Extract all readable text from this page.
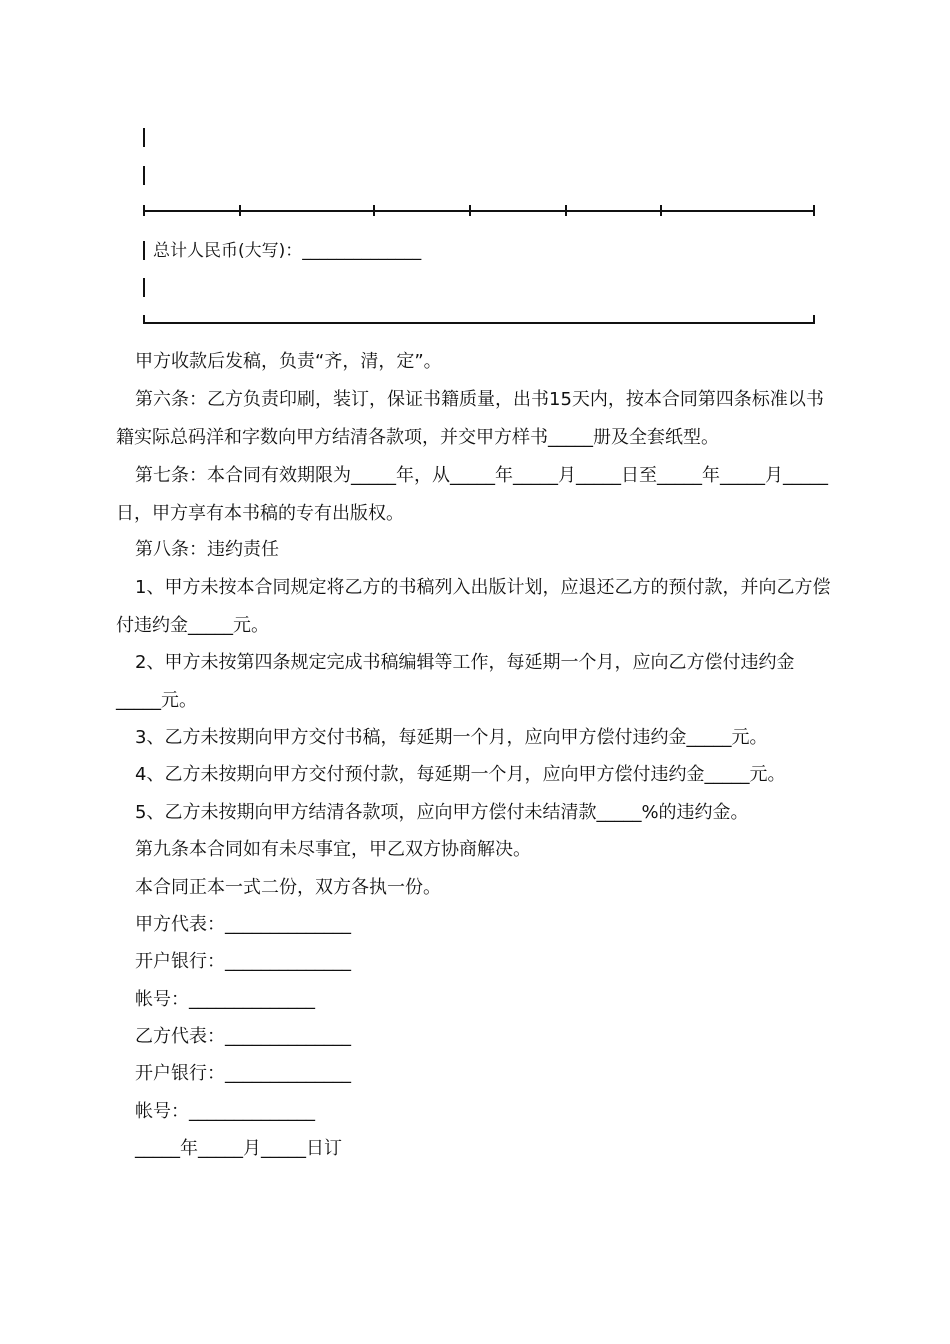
总计人民币(大写)：______________

甲方收款后发稿，负责“齐，清，定”。

第六条：乙方负责印刷，装订，保证书籍质量，出书15天内，按本合同第四条标准以书籍实际总码洋和字数向甲方结清各款项，并交甲方样书_____册及全套纸型。

第七条：本合同有效期限为_____年，从_____年_____月_____日至_____年_____月_____日，甲方享有本书稿的专有出版权。

第八条：违约责任

1、甲方未按本合同规定将乙方的书稿列入出版计划，应退还乙方的预付款，并向乙方偿付违约金_____元。

2、甲方未按第四条规定完成书稿编辑等工作，每延期一个月，应向乙方偿付违约金_____元。

3、乙方未按期向甲方交付书稿，每延期一个月，应向甲方偿付违约金_____元。

4、乙方未按期向甲方交付预付款，每延期一个月，应向甲方偿付违约金_____元。

5、乙方未按期向甲方结清各款项，应向甲方偿付未结清款_____%的违约金。

第九条本合同如有未尽事宜，甲乙双方协商解决。

本合同正本一式二份，双方各执一份。

甲方代表：______________

开户银行：______________

帐号：______________

乙方代表：______________

开户银行：______________

帐号：______________

_____年_____月_____日订
